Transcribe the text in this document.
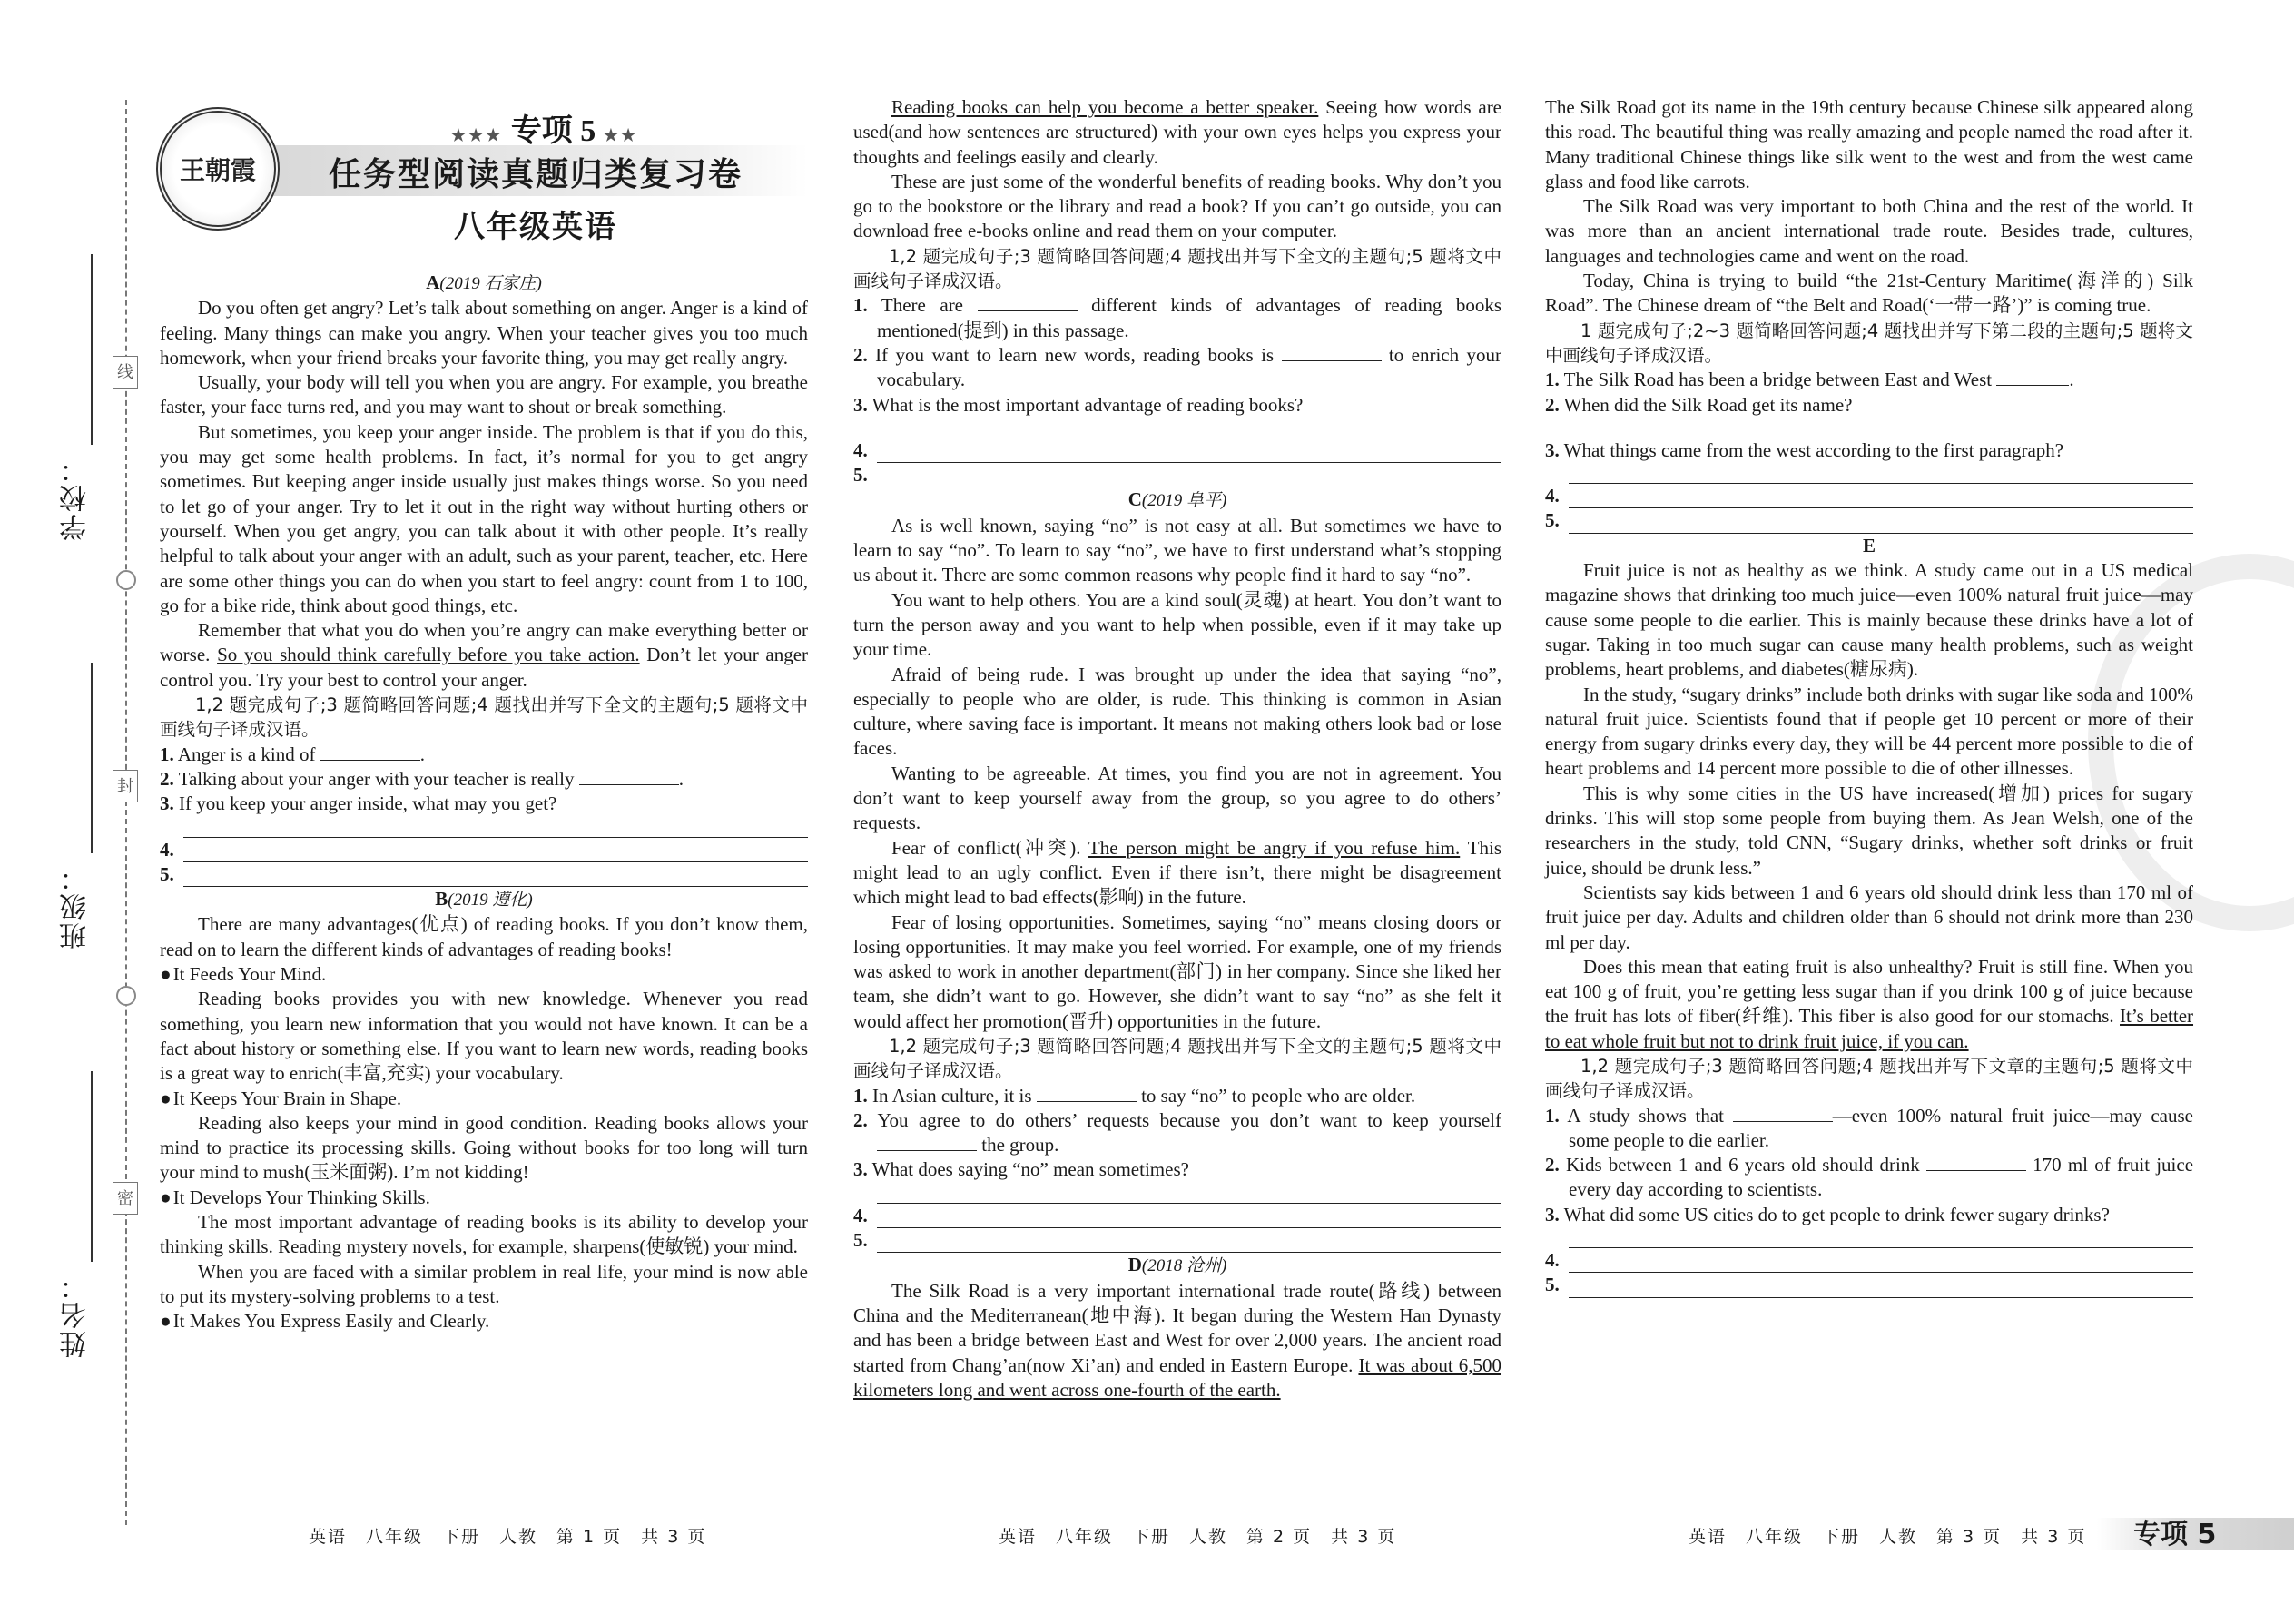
学校：
班级：
姓名：
线
封
密
王朝霞
★★★ 专项 5 ★★
任务型阅读真题归类复习卷
八年级英语
A(2019 石家庄)

Do you often get angry? Let’s talk about something on anger. Anger is a kind of feeling. Many things can make you angry. When your teacher gives you too much homework, when your friend breaks your favorite thing, you may get really angry.

Usually, your body will tell you when you are angry. For example, you breathe faster, your face turns red, and you may want to shout or break something.

But sometimes, you keep your anger inside. The problem is that if you do this, you may get some health problems. In fact, it’s normal for you to get angry sometimes. But keeping anger inside usually just makes things worse. So you need to let go of your anger. Try to let it out in the right way without hurting others or yourself. When you get angry, you can talk about it with other people. It’s really helpful to talk about your anger with an adult, such as your parent, teacher, etc. Here are some other things you can do when you start to feel angry: count from 1 to 100, go for a bike ride, think about good things, etc.

Remember that what you do when you’re angry can make everything better or worse. So you should think carefully before you take action. Don’t let your anger control you. Try your best to control your anger.

1,2 题完成句子;3 题简略回答问题;4 题找出并写下全文的主题句;5 题将文中画线句子译成汉语。

1. Anger is a kind of	.

2. Talking about your anger with your teacher is really	.

3. If you keep your anger inside, what may you get?

4.
5.
B(2019 遵化)

There are many advantages(优点) of reading books. If you don’t know them, read on to learn the different kinds of advantages of reading books!

● It Feeds Your Mind.

Reading books provides you with new knowledge. Whenever you read something, you learn new information that you would not have known. It can be a fact about history or something else. If you want to learn new words, reading books is a great way to enrich(丰富,充实) your vocabulary.

● It Keeps Your Brain in Shape.

Reading also keeps your mind in good condition. Reading books allows your mind to practice its processing skills. Going without books for too long will turn your mind to mush(玉米面粥). I’m not kidding!

● It Develops Your Thinking Skills.

The most important advantage of reading books is its ability to develop your thinking skills. Reading mystery novels, for example, sharpens(使敏锐) your mind.

When you are faced with a similar problem in real life, your mind is now able to put its mystery-solving problems to a test.

● It Makes You Express Easily and Clearly.

Reading books can help you become a better speaker. Seeing how words are used(and how sentences are structured) with your own eyes helps you express your thoughts and feelings easily and clearly.

These are just some of the wonderful benefits of reading books. Why don’t you go to the bookstore or the library and read a book? If you can’t go outside, you can download free e-books online and read them on your computer.

1,2 题完成句子;3 题简略回答问题;4 题找出并写下全文的主题句;5 题将文中画线句子译成汉语。

1. There are	different kinds of advantages of reading books mentioned(提到) in this passage.

2. If you want to learn new words, reading books is	to enrich your vocabulary.

3. What is the most important advantage of reading books?

4.
5.
C(2019 阜平)

As is well known, saying “no” is not easy at all. But sometimes we have to learn to say “no”. To learn to say “no”, we have to first understand what’s stopping us about it. There are some common reasons why people find it hard to say “no”.

You want to help others. You are a kind soul(灵魂) at heart. You don’t want to turn the person away and you want to help when possible, even if it may take up your time.

Afraid of being rude. I was brought up under the idea that saying “no”, especially to people who are older, is rude. This thinking is common in Asian culture, where saving face is important. It means not making others look bad or lose faces.

Wanting to be agreeable. At times, you find you are not in agreement. You don’t want to keep yourself away from the group, so you agree to do others’ requests.

Fear of conflict(冲突). The person might be angry if you refuse him. This might lead to an ugly conflict. Even if there isn’t, there might be disagreement which might lead to bad effects(影响) in the future.

Fear of losing opportunities. Sometimes, saying “no” means closing doors or losing opportunities. It may make you feel worried. For example, one of my friends was asked to work in another department(部门) in her company. Since she liked her team, she didn’t want to go. However, she didn’t want to say “no” as she felt it would affect her promotion(晋升) opportunities in the future.

1,2 题完成句子;3 题简略回答问题;4 题找出并写下全文的主题句;5 题将文中画线句子译成汉语。

1. In Asian culture, it is	to say “no” to people who are older.

2. You agree to do others’ requests because you don’t want to keep yourself  the group.

3. What does saying “no” mean sometimes?

4.
5.
D(2018 沧州)

The Silk Road is a very important international trade route(路线) between China and the Mediterranean(地中海). It began during the Western Han Dynasty and has been a bridge between East and West for over 2,000 years. The ancient road started from Chang’an(now Xi’an) and ended in Eastern Europe. It was about 6,500 kilometers long and went across one-fourth of the earth.

The Silk Road got its name in the 19th century because Chinese silk appeared along this road. The beautiful thing was really amazing and people named the road after it. Many traditional Chinese things like silk went to the west and from the west came glass and food like carrots.

The Silk Road was very important to both China and the rest of the world. It was more than an ancient international trade route. Besides trade, cultures, languages and technologies came and went on the road.

Today, China is trying to build “the 21st-Century Maritime(海洋的) Silk Road”. The Chinese dream of “the Belt and Road(‘一带一路’)” is coming true.

1 题完成句子;2~3 题简略回答问题;4 题找出并写下第二段的主题句;5 题将文中画线句子译成汉语。

1. The Silk Road has been a bridge between East and West	.

2. When did the Silk Road get its name?

3. What things came from the west according to the first paragraph?

4.
5.
E

Fruit juice is not as healthy as we think. A study came out in a US medical magazine shows that drinking too much juice—even 100% natural fruit juice—may cause some people to die earlier. This is mainly because these drinks have a lot of sugar. Taking in too much sugar can cause many health problems, such as weight problems, heart problems, and diabetes(糖尿病).

In the study, “sugary drinks” include both drinks with sugar like soda and 100% natural fruit juice. Scientists found that if people get 10 percent or more of their energy from sugary drinks every day, they will be 44 percent more possible to die of heart problems and 14 percent more possible to die of other illnesses.

This is why some cities in the US have increased(增加) prices for sugary drinks. This will stop some people from buying them. As Jean Welsh, one of the researchers in the study, told CNN, “Sugary drinks, whether soft drinks or fruit juice, should be drunk less.”

Scientists say kids between 1 and 6 years old should drink less than 170 ml of fruit juice per day. Adults and children older than 6 should not drink more than 230 ml per day.

Does this mean that eating fruit is also unhealthy? Fruit is still fine. When you eat 100 g of fruit, you’re getting less sugar than if you drink 100 g of juice because the fruit has lots of fiber(纤维). This fiber is also good for our stomachs. It’s better to eat whole fruit but not to drink fruit juice, if you can.

1,2 题完成句子;3 题简略回答问题;4 题找出并写下文章的主题句;5 题将文中画线句子译成汉语。

1. A study shows that	—even 100% natural fruit juice—may cause some people to die earlier.

2. Kids between 1 and 6 years old should drink	170 ml of fruit juice every day according to scientists.

3. What did some US cities do to get people to drink fewer sugary drinks?

4.
5.
英语　八年级　下册　人教　第 1 页　共 3 页	英语　八年级　下册　人教　第 2 页　共 3 页	英语　八年级　下册　人教　第 3 页　共 3 页 专项 5
